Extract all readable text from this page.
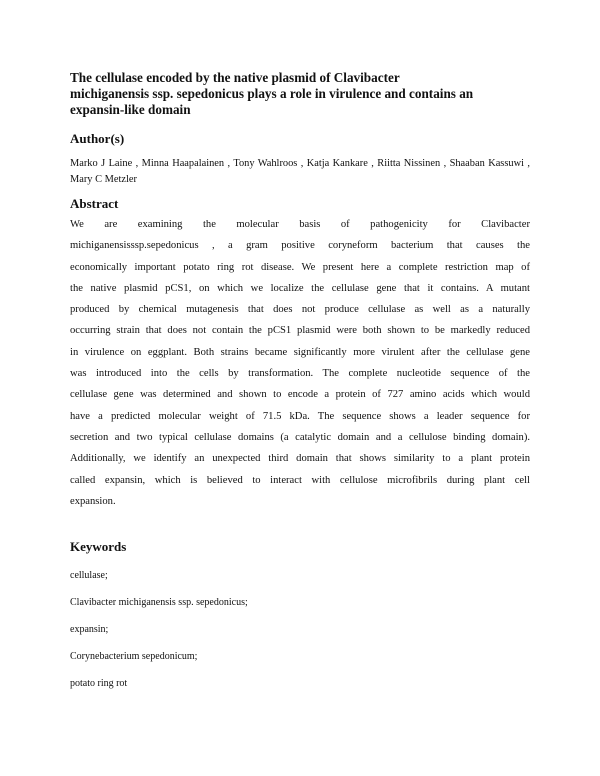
The cellulase encoded by the native plasmid of Clavibacter
michiganensis ssp. sepedonicus plays a role in virulence and contains an
expansin-like domain
Author(s)
Marko J Laine , Minna Haapalainen , Tony Wahlroos , Katja Kankare , Riitta Nissinen , Shaaban Kassuwi , Mary C Metzler
Abstract
We are examining the molecular basis of pathogenicity for Clavibacter
michiganensisssp.sepedonicus , a gram positive coryneform bacterium that causes the
economically important potato ring rot disease. We present here a complete restriction map of
the native plasmid pCS1, on which we localize the cellulase gene that it contains. A mutant
produced by chemical mutagenesis that does not produce cellulase as well as a naturally
occurring strain that does not contain the pCS1 plasmid were both shown to be markedly reduced
in virulence on eggplant. Both strains became significantly more virulent after the cellulase gene
was introduced into the cells by transformation. The complete nucleotide sequence of the
cellulase gene was determined and shown to encode a protein of 727 amino acids which would
have a predicted molecular weight of 71.5 kDa. The sequence shows a leader sequence for
secretion and two typical cellulase domains (a catalytic domain and a cellulose binding domain).
Additionally, we identify an unexpected third domain that shows similarity to a plant protein
called expansin, which is believed to interact with cellulose microfibrils during plant cell
expansion.
Keywords
cellulase;
Clavibacter michiganensis ssp. sepedonicus;
expansin;
Corynebacterium sepedonicum;
potato ring rot
